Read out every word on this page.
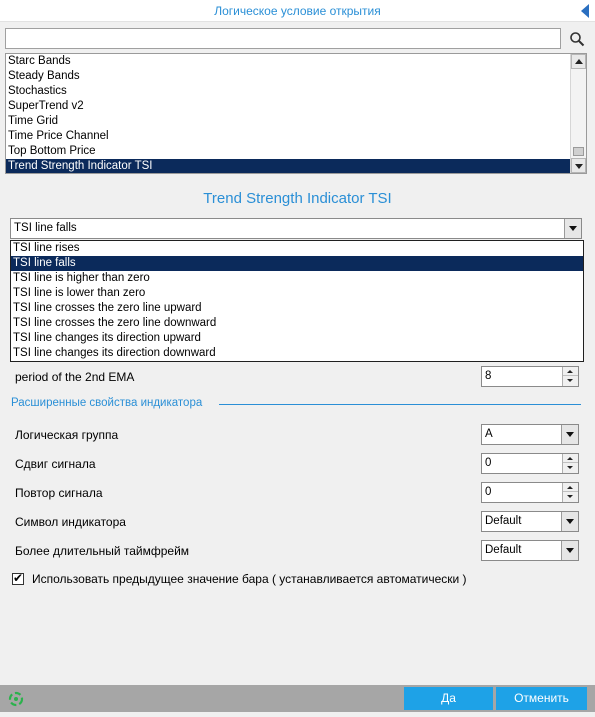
Логическое условие открытия
Starc Bands
Steady Bands
Stochastics
SuperTrend v2
Time Grid
Time Price Channel
Top Bottom Price
Trend Strength Indicator TSI
Trend Strength Indicator TSI
TSI line falls
TSI line rises
TSI line falls
TSI line is higher than zero
TSI line is lower than zero
TSI line crosses the zero line upward
TSI line crosses the zero line downward
TSI line changes its direction upward
TSI line changes its direction downward
period of the 2nd EMA	8
Расширенные свойства индикатора
Логическая группа	A
Сдвиг сигнала	0
Повтор сигнала	0
Символ индикатора	Default
Более длительный таймфрейм	Default
✔ Использовать предыдущее значение бара ( устанавливается автоматически )
Да	Отменить
